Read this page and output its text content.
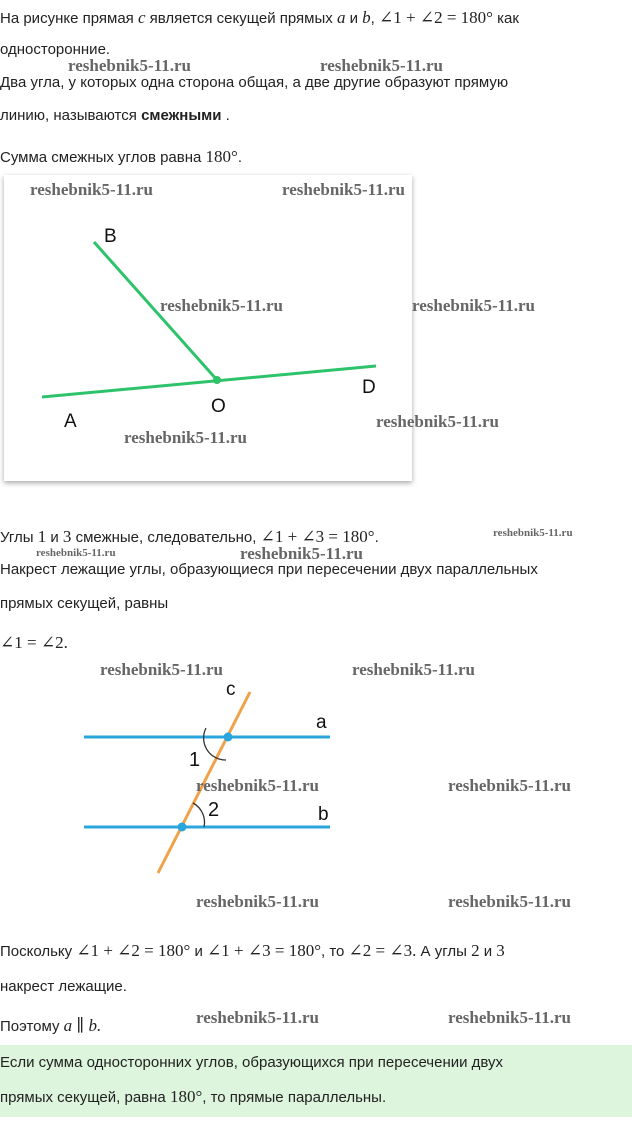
На рисунке прямая c является секущей прямых a и b, ∠1 + ∠2 = 180° как
односторонние.
Два угла, у которых одна сторона общая, а две другие образуют прямую
линию, называются смежными .
Сумма смежных углов равна 180°.
B
O
A
D
Углы 1 и 3 смежные, следовательно, ∠1 + ∠3 = 180°.
Накрест лежащие углы, образующиеся при пересечении двух параллельных
прямых секущей, равны
∠1 = ∠2.
c
a
b
1
2
Поскольку ∠1 + ∠2 = 180° и ∠1 + ∠3 = 180°, то ∠2 = ∠3. А углы 2 и 3
накрест лежащие.
Поэтому a ∥ b.
Если сумма односторонних углов, образующихся при пересечении двух
прямых секущей, равна 180°, то прямые параллельны.
reshebnik5-11.ru	reshebnik5-11.ru
reshebnik5-11.ru	reshebnik5-11.ru
reshebnik5-11.ru	reshebnik5-11.ru
reshebnik5-11.ru
reshebnik5-11.ru
reshebnik5-11.ru
reshebnik5-11.ru	reshebnik5-11.ru
reshebnik5-11.ru	reshebnik5-11.ru
reshebnik5-11.ru	reshebnik5-11.ru
reshebnik5-11.ru	reshebnik5-11.ru
reshebnik5-11.ru	reshebnik5-11.ru
